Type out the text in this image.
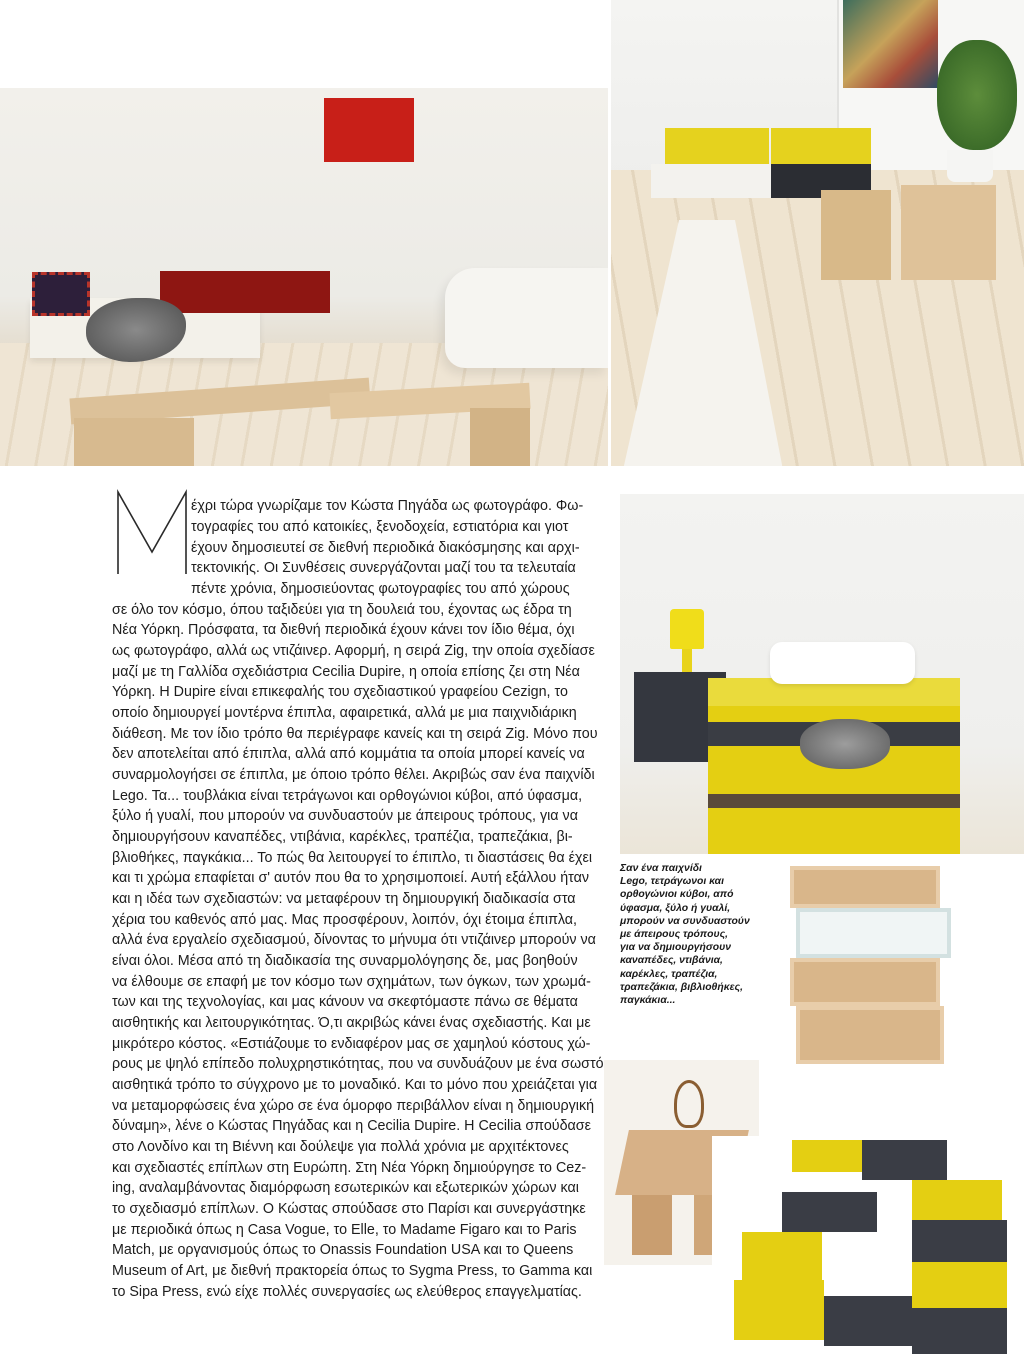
έχρι τώρα γνωρίζαμε τον Κώστα Πηγάδα ως φωτογράφο. Φω-
τογραφίες του από κατοικίες, ξενοδοχεία, εστιατόρια και γιοτ
έχουν δημοσιευτεί σε διεθνή περιοδικά διακόσμησης και αρχι-
τεκτονικής. Οι Συνθέσεις συνεργάζονται μαζί του τα τελευταία
πέντε χρόνια, δημοσιεύοντας φωτογραφίες του από χώρους
σε όλο τον κόσμο, όπου ταξιδεύει για τη δουλειά του, έχοντας ως έδρα τη
Νέα Υόρκη. Πρόσφατα, τα διεθνή περιοδικά έχουν κάνει τον ίδιο θέμα, όχι
ως φωτογράφο, αλλά ως ντιζάινερ. Αφορμή, η σειρά Zig, την οποία σχεδίασε
μαζί με τη Γαλλίδα σχεδιάστρια Cecilia Dupire, η οποία επίσης ζει στη Νέα
Υόρκη. Η Dupire είναι επικεφαλής του σχεδιαστικού γραφείου Cezign, το
οποίο δημιουργεί μοντέρνα έπιπλα, αφαιρετικά, αλλά με μια παιχνιδιάρικη
διάθεση. Με τον ίδιο τρόπο θα περιέγραφε κανείς και τη σειρά Zig. Μόνο που
δεν αποτελείται από έπιπλα, αλλά από κομμάτια τα οποία μπορεί κανείς να
συναρμολογήσει σε έπιπλα, με όποιο τρόπο θέλει. Ακριβώς σαν ένα παιχνίδι
Lego. Τα... τουβλάκια είναι τετράγωνοι και ορθογώνιοι κύβοι, από ύφασμα,
ξύλο ή γυαλί, που μπορούν να συνδυαστούν με άπειρους τρόπους, για να
δημιουργήσουν καναπέδες, ντιβάνια, καρέκλες, τραπέζια, τραπεζάκια, βι-
βλιοθήκες, παγκάκια... Το πώς θα λειτουργεί το έπιπλο, τι διαστάσεις θα έχει
και τι χρώμα επαφίεται σ' αυτόν που θα το χρησιμοποιεί. Αυτή εξάλλου ήταν
και η ιδέα των σχεδιαστών: να μεταφέρουν τη δημιουργική διαδικασία στα
χέρια του καθενός από μας. Μας προσφέρουν, λοιπόν, όχι έτοιμα έπιπλα,
αλλά ένα εργαλείο σχεδιασμού, δίνοντας το μήνυμα ότι ντιζάινερ μπορούν να
είναι όλοι. Μέσα από τη διαδικασία της συναρμολόγησης δε, μας βοηθούν
να έλθουμε σε επαφή με τον κόσμο των σχημάτων, των όγκων, των χρωμά-
των και της τεχνολογίας, και μας κάνουν να σκεφτόμαστε πάνω σε θέματα
αισθητικής και λειτουργικότητας. Ό,τι ακριβώς κάνει ένας σχεδιαστής. Και με
μικρότερο κόστος. «Εστιάζουμε το ενδιαφέρον μας σε χαμηλού κόστους χώ-
ρους με ψηλό επίπεδο πολυχρηστικότητας, που να συνδυάζουν με ένα σωστό
αισθητικά τρόπο το σύγχρονο με το μοναδικό. Και το μόνο που χρειάζεται για
να μεταμορφώσεις ένα χώρο σε ένα όμορφο περιβάλλον είναι η δημιουργική
δύναμη», λένε ο Κώστας Πηγάδας και η Cecilia Dupire. Η Cecilia σπούδασε
στο Λονδίνο και τη Βιέννη και δούλεψε για πολλά χρόνια με αρχιτέκτονες
και σχεδιαστές επίπλων στη Ευρώπη. Στη Νέα Υόρκη δημιούργησε το Cez-
ing, αναλαμβάνοντας διαμόρφωση εσωτερικών και εξωτερικών χώρων και
το σχεδιασμό επίπλων. Ο Κώστας σπούδασε στο Παρίσι και συνεργάστηκε
με περιοδικά όπως η Casa Vogue, το Elle, το Madame Figaro και το Paris
Match, με οργανισμούς όπως το Onassis Foundation USA και το Queens
Museum of Art, με διεθνή πρακτορεία όπως το Sygma Press, το Gamma και
το Sipa Press, ενώ είχε πολλές συνεργασίες ως ελεύθερος επαγγελματίας.
Σαν ένα παιχνίδι
Lego, τετράγωνοι και
ορθογώνιοι κύβοι, από
ύφασμα, ξύλο ή γυαλί,
μπορούν να συνδυαστούν
με άπειρους τρόπους,
για να δημιουργήσουν
καναπέδες, ντιβάνια,
καρέκλες, τραπέζια,
τραπεζάκια, βιβλιοθήκες,
παγκάκια...
